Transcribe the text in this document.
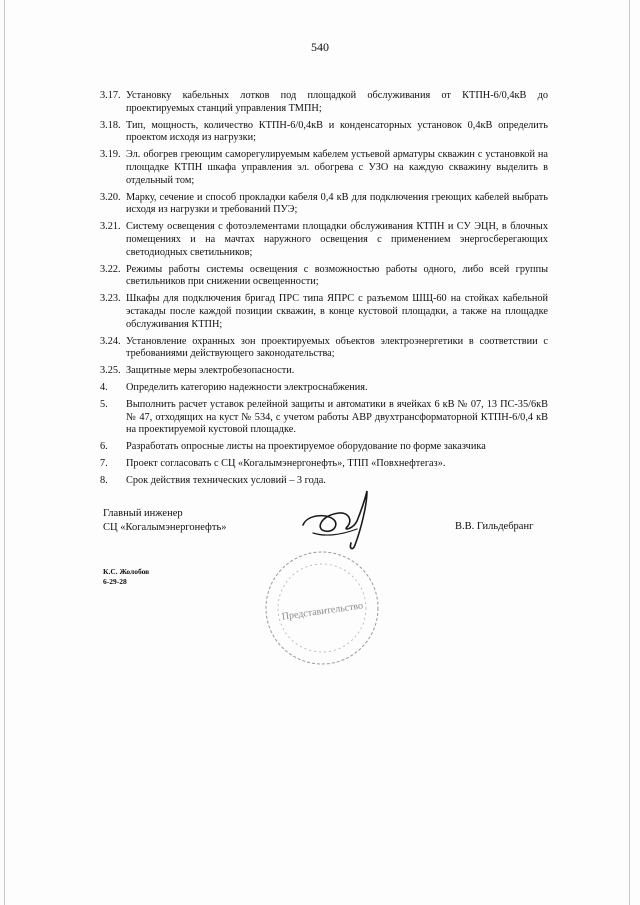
540
3.17. Установку кабельных лотков под площадкой обслуживания от КТПН-6/0,4кВ до проектируемых станций управления ТМПН;
3.18. Тип, мощность, количество КТПН-6/0,4кВ и конденсаторных установок 0,4кВ определить проектом исходя из нагрузки;
3.19. Эл. обогрев греющим саморегулируемым кабелем устьевой арматуры скважин с установкой на площадке КТПН шкафа управления эл. обогрева с УЗО на каждую скважину выделить в отдельный том;
3.20. Марку, сечение и способ прокладки кабеля 0,4 кВ для подключения греющих кабелей выбрать исходя из нагрузки и требований ПУЭ;
3.21. Систему освещения с фотоэлементами площадки обслуживания КТПН и СУ ЭЦН, в блочных помещениях и на мачтах наружного освещения с применением энергосберегающих светодиодных светильников;
3.22. Режимы работы системы освещения с возможностью работы одного, либо всей группы светильников при снижении освещенности;
3.23. Шкафы для подключения бригад ПРС типа ЯПРС с разъемом ШЩ-60 на стойках кабельной эстакады после каждой позиции скважин, в конце кустовой площадки, а также на площадке обслуживания КТПН;
3.24. Установление охранных зон проектируемых объектов электроэнергетики в соответствии с требованиями действующего законодательства;
3.25. Защитные меры электробезопасности.
4.	Определить категорию надежности электроснабжения.
5.	Выполнить расчет уставок релейной защиты и автоматики в ячейках 6 кВ № 07, 13 ПС-35/6кВ № 47, отходящих на куст № 534, с учетом работы АВР двухтрансформаторной КТПН-6/0,4 кВ на проектируемой кустовой площадке.
6.	Разработать опросные листы на проектируемое оборудование по форме заказчика
7.	Проект согласовать с СЦ «Когалымэнергонефть», ТПП «Повхнефтегаз».
8.	Срок действия технических условий – 3 года.
Главный инженер
СЦ «Когалымэнергонефть»	В.В. Гильдебранг
Представительство
К.С. Жолобов
6-29-28
